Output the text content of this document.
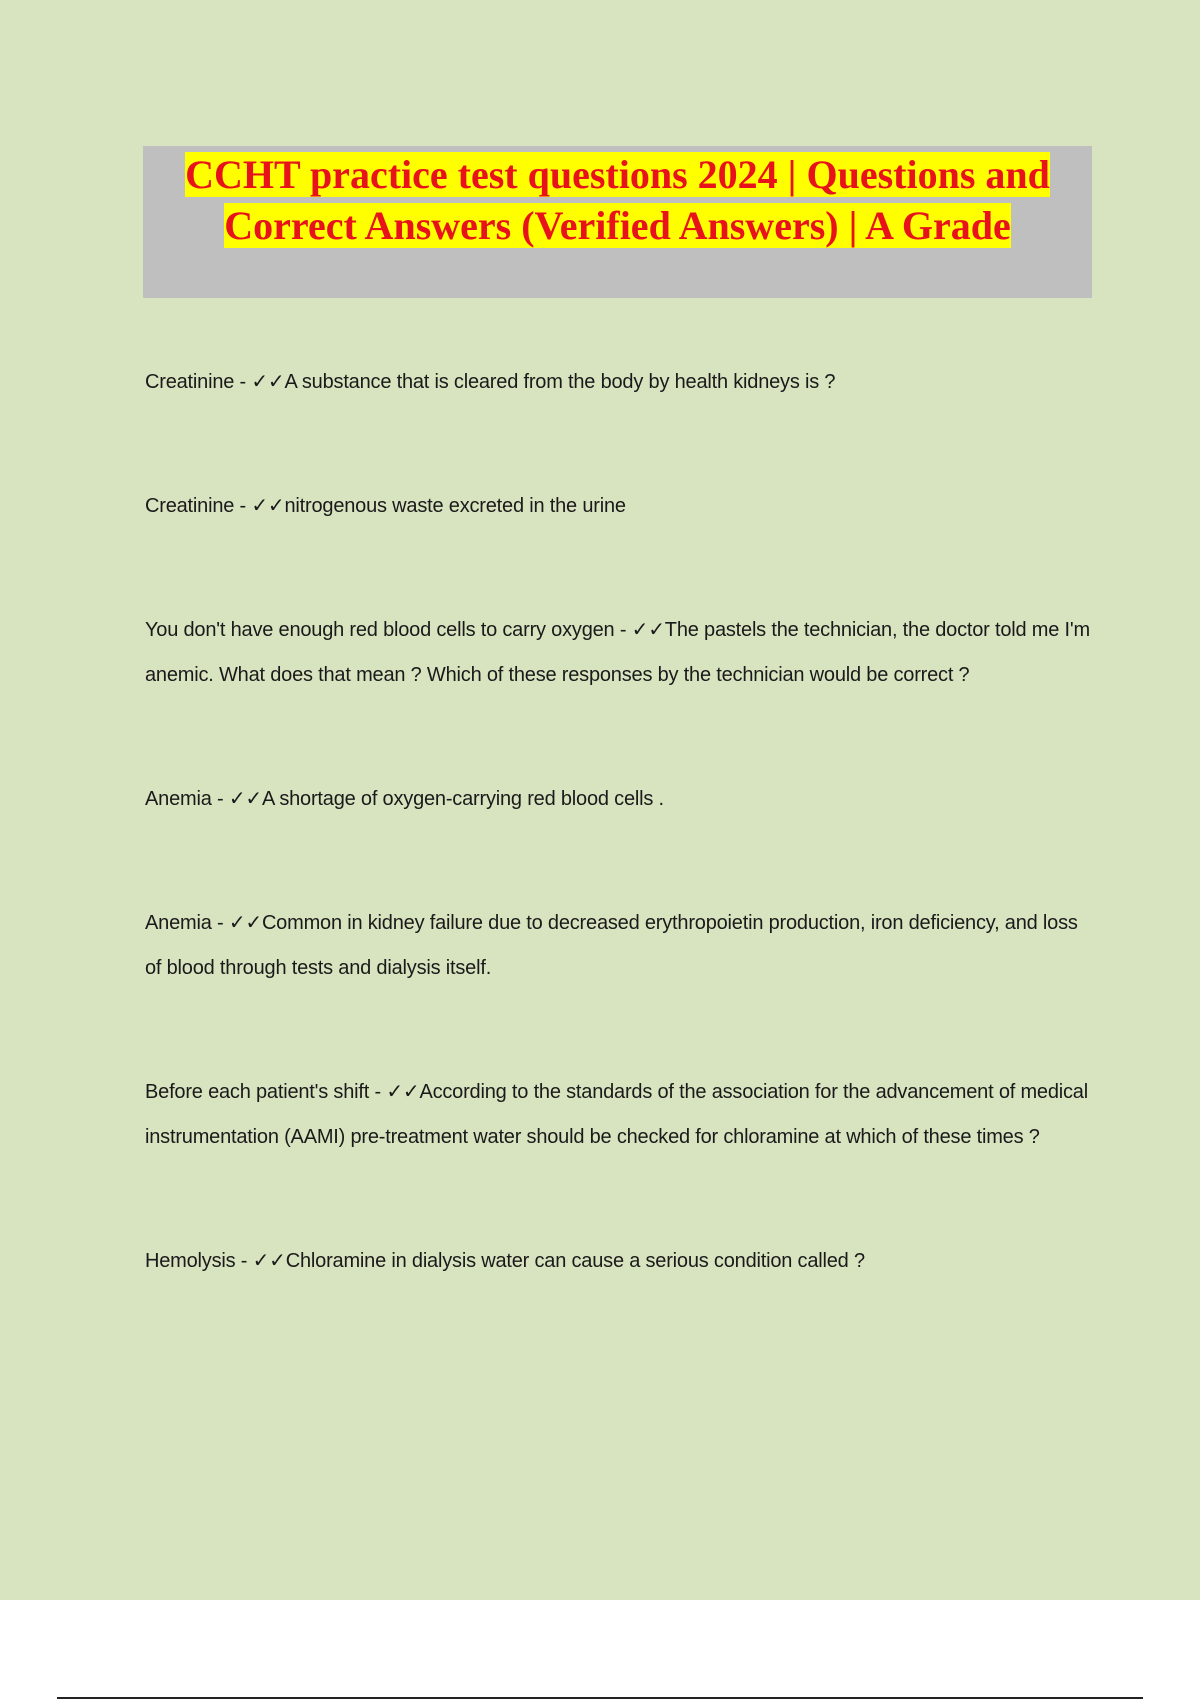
CCHT practice test questions 2024 | Questions and Correct Answers (Verified Answers) | A Grade

Creatinine - ✓✓A substance that is cleared from the body by health kidneys is ?

Creatinine - ✓✓nitrogenous waste excreted in the urine

You don't have enough red blood cells to carry oxygen - ✓✓The pastels the technician, the doctor told me I'm anemic. What does that mean ? Which of these responses by the technician would be correct ?

Anemia - ✓✓A shortage of oxygen-carrying red blood cells .

Anemia - ✓✓Common in kidney failure due to decreased erythropoietin production, iron deficiency, and loss of blood through tests and dialysis itself.

Before each patient's shift - ✓✓According to the standards of the association for the advancement of medical instrumentation (AAMI) pre-treatment water should be checked for chloramine at which of these times ?

Hemolysis - ✓✓Chloramine in dialysis water can cause a serious condition called ?
